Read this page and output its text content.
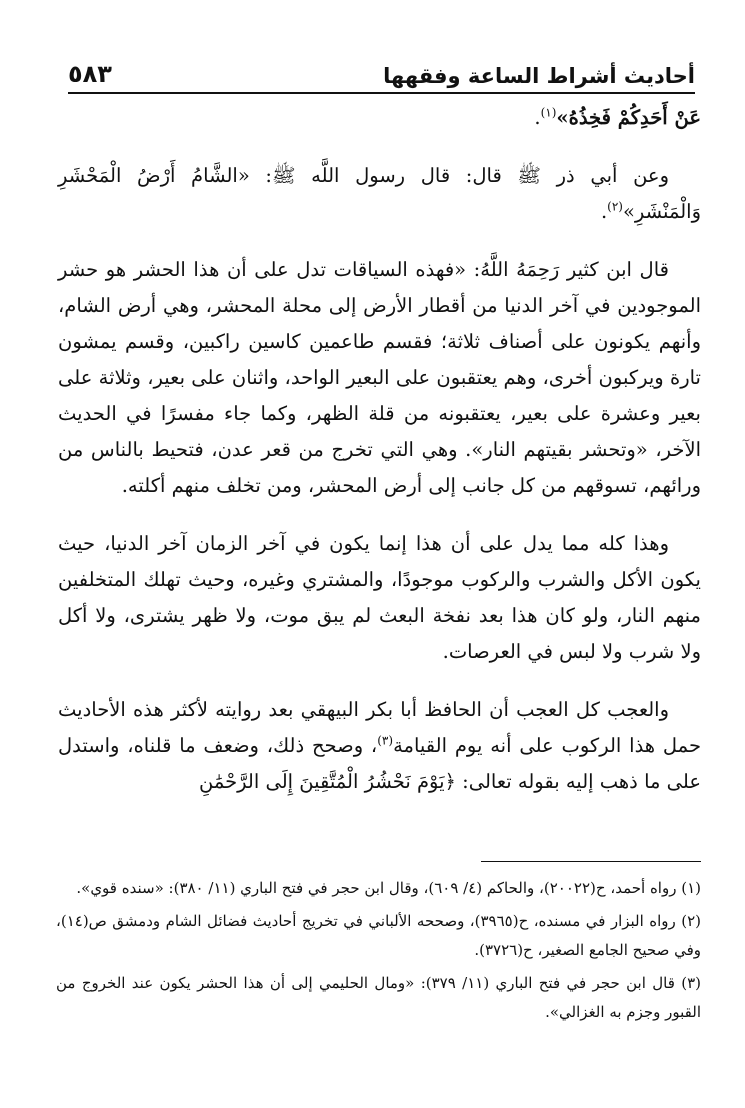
أحاديث أشراط الساعة وفقهها
٥٨٣

عَنْ أَحَدِكُمْ فَخِذُهُ»$^{(١)}$.

وعن أبي ذر ﷺ قال: قال رسول اللَّه ﷺ: «الشَّامُ أَرْضُ الْمَحْشَرِ وَالْمَنْشَرِ»$^{(٢)}$.

قال ابن كثير رَحِمَهُ اللَّهُ: «فهذه السياقات تدل على أن هذا الحشر هو حشر الموجودين في آخر الدنيا من أقطار الأرض إلى محلة المحشر، وهي أرض الشام، وأنهم يكونون على أصناف ثلاثة؛ فقسم طاعمين كاسين راكبين، وقسم يمشون تارة ويركبون أخرى، وهم يعتقبون على البعير الواحد، واثنان على بعير، وثلاثة على بعير وعشرة على بعير، يعتقبونه من قلة الظهر، وكما جاء مفسرًا في الحديث الآخر، «وتحشر بقيتهم النار». وهي التي تخرج من قعر عدن، فتحيط بالناس من ورائهم، تسوقهم من كل جانب إلى أرض المحشر، ومن تخلف منهم أكلته.

وهذا كله مما يدل على أن هذا إنما يكون في آخر الزمان آخر الدنيا، حيث يكون الأكل والشرب والركوب موجودًا، والمشتري وغيره، وحيث تهلك المتخلفين منهم النار، ولو كان هذا بعد نفخة البعث لم يبق موت، ولا ظهر يشترى، ولا أكل ولا شرب ولا لبس في العرصات.

والعجب كل العجب أن الحافظ أبا بكر البيهقي بعد روايته لأكثر هذه الأحاديث حمل هذا الركوب على أنه يوم القيامة$^{(٣)}$، وصحح ذلك، وضعف ما قلناه، واستدل على ما ذهب إليه بقوله تعالى: ﴿يَوْمَ نَحْشُرُ الْمُتَّقِينَ إِلَى الرَّحْمَٰنِ

(١) رواه أحمد، ح(٢٠٠٢٢)، والحاكم (٤/ ٦٠٩)، وقال ابن حجر في فتح الباري (١١/ ٣٨٠): «سنده قوي».

(٢) رواه البزار في مسنده، ح(٣٩٦٥)، وصححه الألباني في تخريج أحاديث فضائل الشام ودمشق ص(١٤)، وفي صحيح الجامع الصغير، ح(٣٧٢٦).

(٣) قال ابن حجر في فتح الباري (١١/ ٣٧٩): «ومال الحليمي إلى أن هذا الحشر يكون عند الخروج من القبور وجزم به الغزالي».
